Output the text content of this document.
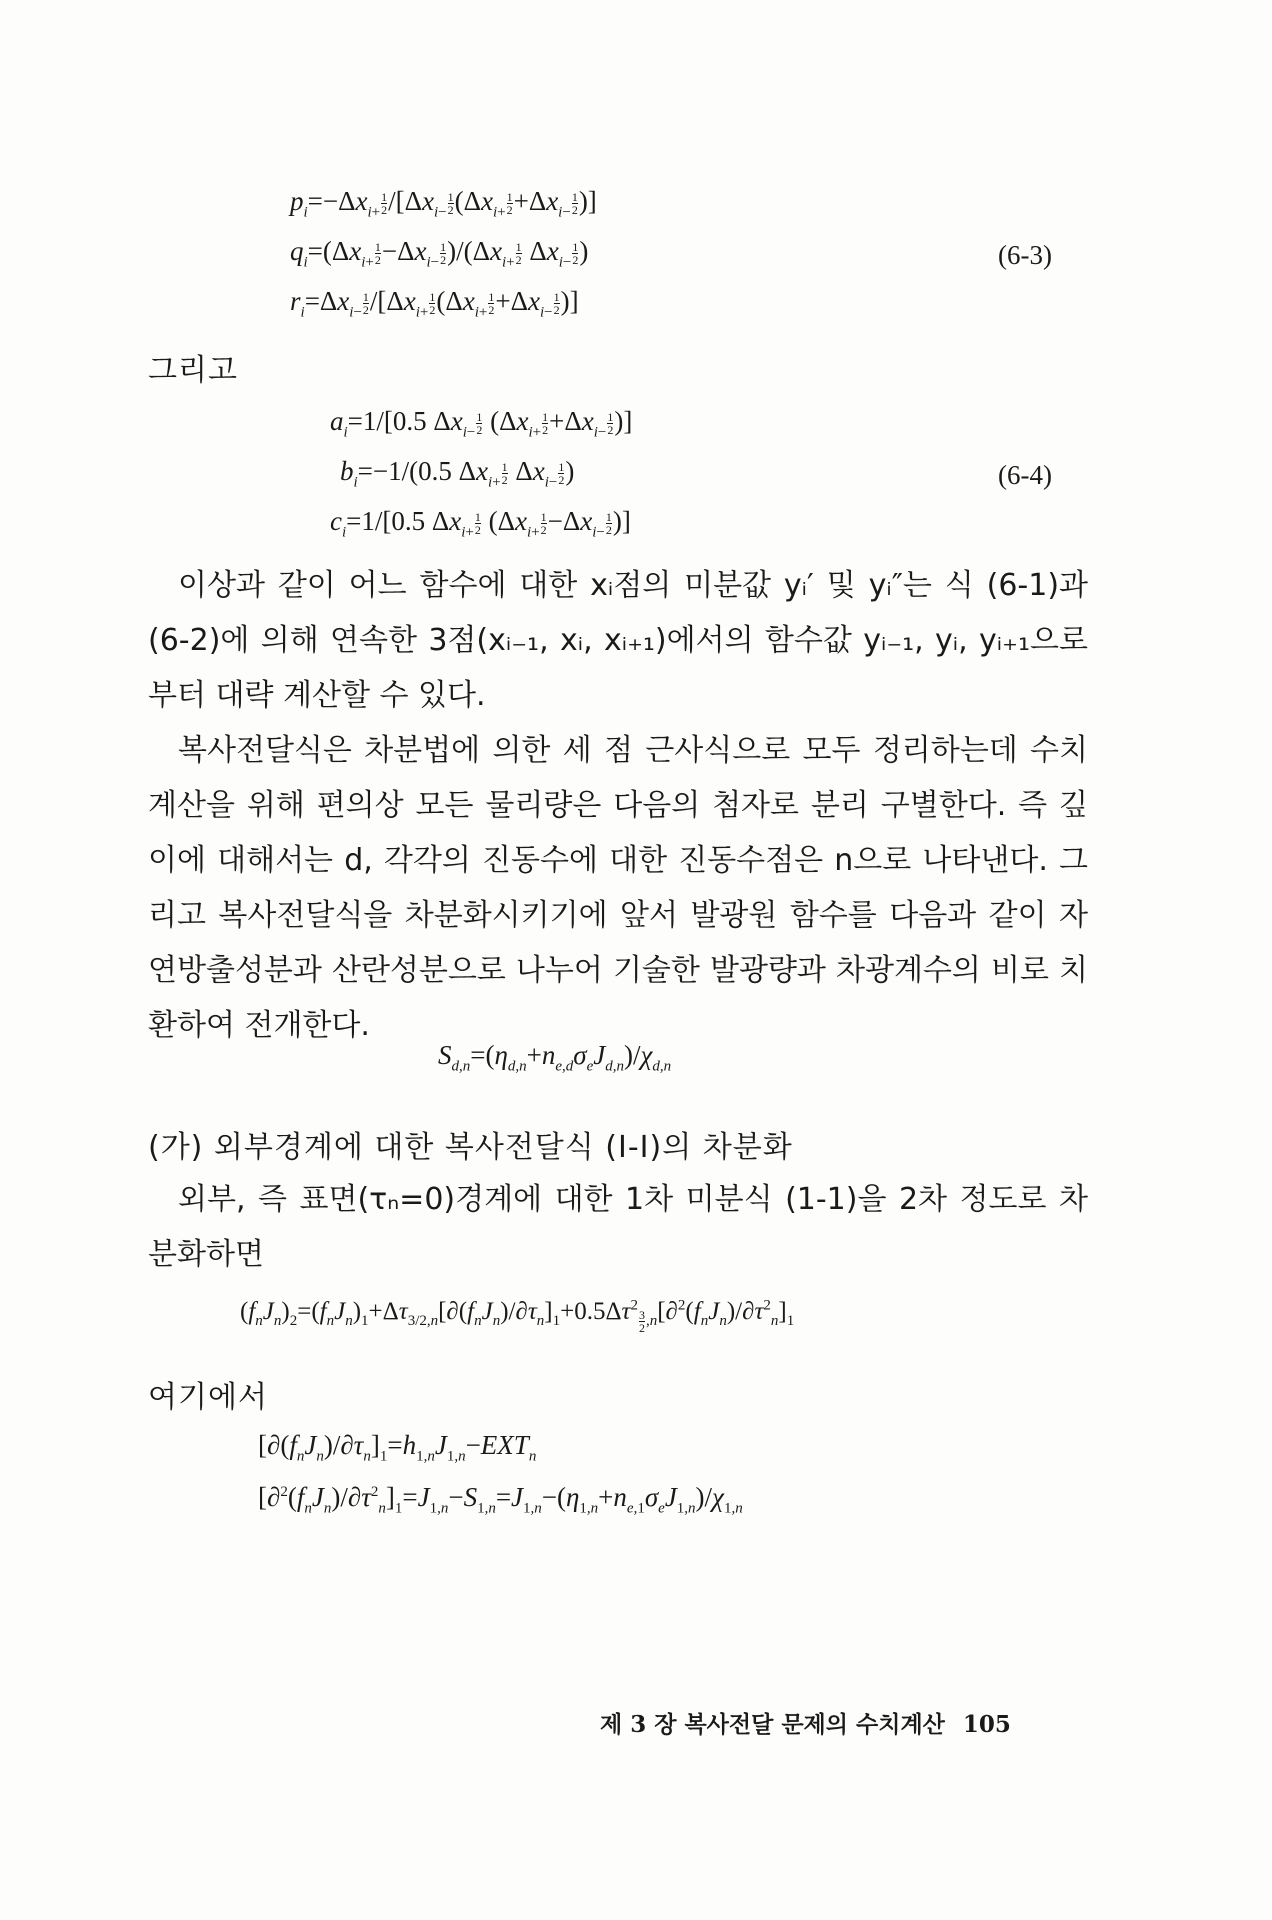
$p_i=-\Delta x_{i+} \frac{1}{2} /[\Delta x_{i-} \frac{1}{2} (\Delta x_{i+} \frac{1}{2} +\Delta x_{i-} \frac{1}{2}$ )]
$q_i=(\Delta x_{i+} \frac{1}{2} -\Delta x_{i-} \frac{1}{2} )/(\Delta x_{i+} \frac{1}{2} \Delta x_{i-} \frac{1}{2}$ )	(6-3)
$r_i=\Delta x_{i-} \frac{1}{2} /[\Delta x_{i+} \frac{1}{2} (\Delta x_{i+} \frac{1}{2} +\Delta x_{i-} \frac{1}{2}$ )]
그리고
$a_i=1/[0.5$ $\Delta x_{i-} \frac{1}{2} (\Delta x_{i+} \frac{1}{2} +\Delta x_{i-} \frac{1}{2}$ )]
$b_i=-1/(0.5$ $\Delta x_{i+} \frac{1}{2} \Delta x_{i-} \frac{1}{2}$ )	(6-4)
$c_i=1/[0.5$ $\Delta x_{i+} \frac{1}{2} (\Delta x_{i+} \frac{1}{2} -\Delta x_{i-} \frac{1}{2}$ )]

이상과 같이 어느 함수에 대한 xᵢ점의 미분값 yᵢ′ 및 yᵢ″는 식 (6-1)과 (6-2)에 의해 연속한 3점(xᵢ₋₁, xᵢ, xᵢ₊₁)에서의 함수값 yᵢ₋₁, yᵢ, yᵢ₊₁으로부터 대략 계산할 수 있다.

복사전달식은 차분법에 의한 세 점 근사식으로 모두 정리하는데 수치 계산을 위해 편의상 모든 물리량은 다음의 첨자로 분리 구별한다. 즉 깊이에 대해서는 d, 각각의 진동수에 대한 진동수점은 n으로 나타낸다. 그리고 복사전달식을 차분화시키기에 앞서 발광원 함수를 다음과 같이 자연방출성분과 산란성분으로 나누어 기술한 발광량과 차광계수의 비로 치환하여 전개한다.

$S_{d,n}=(\eta_{d,n}+n_{e,d}\sigma_eJ_{d,n})/\chi_{d,n}$
(가) 외부경계에 대한 복사전달식 (I-I)의 차분화

외부, 즉 표면(τₙ=0)경계에 대한 1차 미분식 (1-1)을 2차 정도로 차분화하면

$(f_nJ_n)_2=(f_nJ_n)_1+\Delta\tau_{3/2,n}[\partial(f_nJ_n)/\partial\tau_n]_1+0.5\Delta\tau^2$
$_{\frac{3}{2} ,n}[\partial^2(f_nJ_n)/\partial\tau^2_n]_1$
여기에서
$[\partial(f_nJ_n)/\partial\tau_n]_1=h_{1,n}J_{1,n}-EXT_n$
$[\partial^2(f_nJ_n)/\partial\tau^2_n]_1=J_{1,n}-S_{1,n}=J_{1,n}-(\eta_{1,n}+n_{e,1}\sigma_eJ_{1,n})/\chi_{1,n}$
제 3 장 복사전달 문제의 수치계산 105
